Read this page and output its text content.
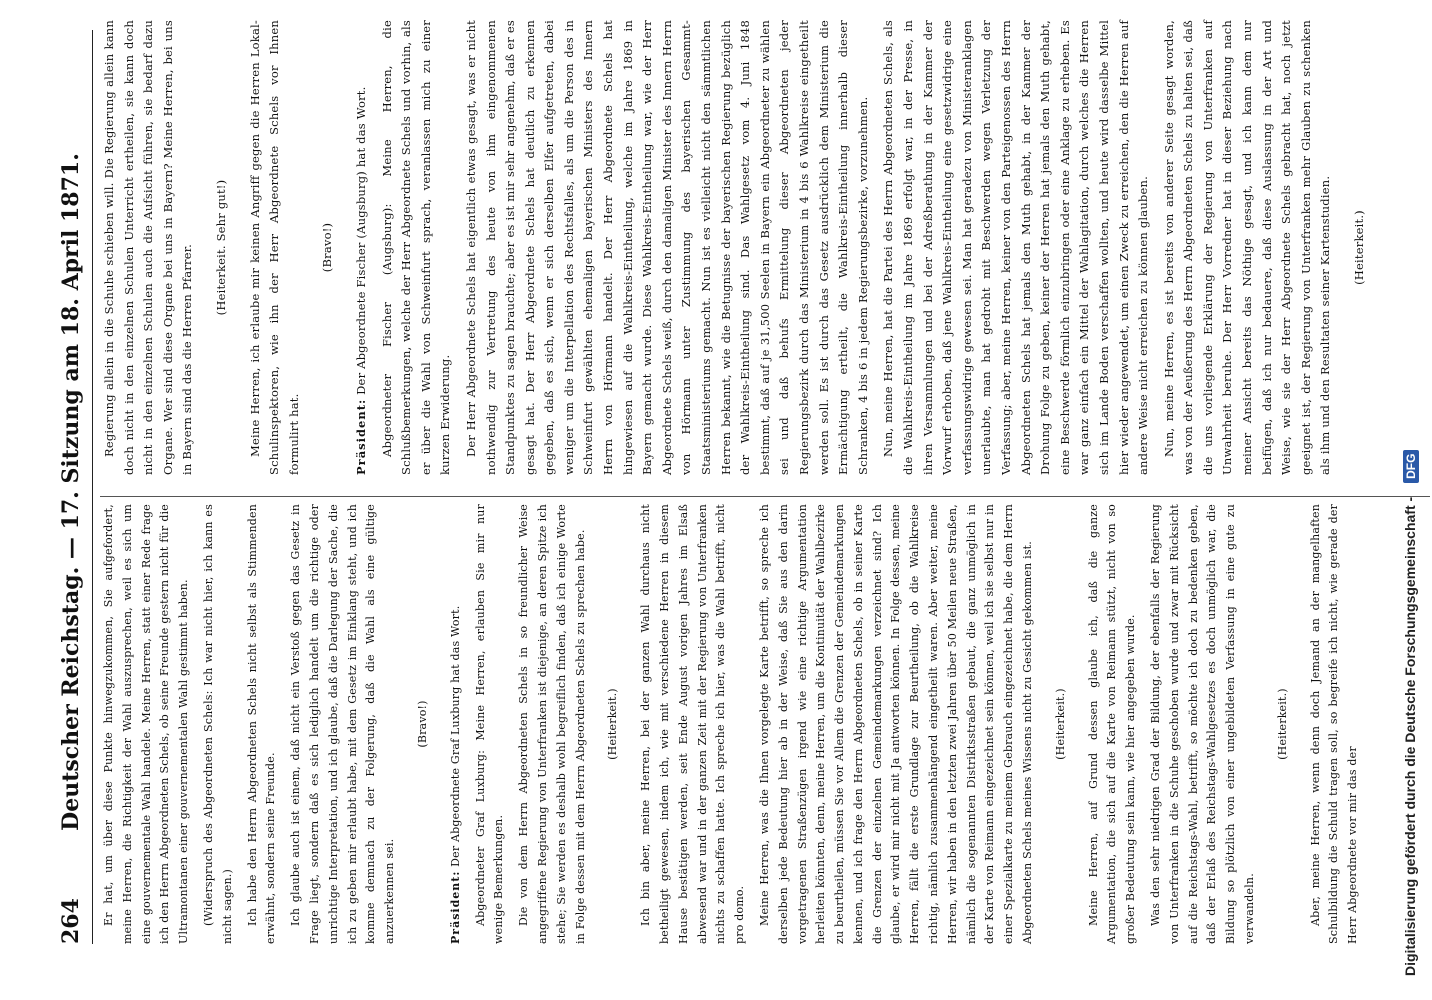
264
Deutscher Reichstag. — 17. Sitzung am 18. April 1871. Er hat, um über diese Punkte hinwegzukommen, Sie aufgefordert, meine Herren, die Richtigkeit der Wahl auszusprechen, weil es sich um eine gouvernementale Wahl handele. Meine Herren, statt einer Rede frage ich den Herrn Abgeordneten Schels, ob seine Freunde gestern nicht für die Ultramontanen einer gouvernementalen Wahl gestimmt haben.	(Widerspruch des Abgeordneten Schels: Ich war nicht hier, ich kann es nicht sagen.)	Ich habe den Herrn Abgeordneten Schels nicht selbst als Stimmenden erwähnt, sondern seine Freunde.	Ich glaube auch ist einem, daß nicht ein Verstoß gegen das Gesetz in Frage liegt, sondern daß es sich lediglich handelt um die richtige oder unrichtige Interpretation, und ich glaube, daß die Darlegung der Sache, die ich zu geben mir erlaubt habe, mit dem Gesetz im Einklang steht, und ich komme demnach zu der Folgerung, daß die Wahl als eine gültige anzuerkennen sei.

(Bravo!)

Präsident: Der Abgeordnete Graf Luxburg hat das Wort.	Abgeordneter Graf Luxburg: Meine Herren, erlauben Sie mir nur wenige Bemerkungen.	Die von dem Herrn Abgeordneten Schels in so freundlicher Weise angegriffene Regierung von Unterfranken ist diejenige, an deren Spitze ich stehe; Sie werden es deshalb wohl begreiflich finden, daß ich einige Worte in Folge dessen mit dem Herrn Abgeordneten Schels zu sprechen habe.	(Heiterkeit.)	Ich bin aber, meine Herren, bei der ganzen Wahl durchaus nicht betheiligt gewesen, indem ich, wie mit verschiedene Herren in diesem Hause bestätigen werden, seit Ende August vorigen Jahres im Elsaß abwesend war und in der ganzen Zeit mit der Regierung von Unterfranken nichts zu schaffen hatte. Ich spreche ich hier, was die Wahl betrifft, nicht pro domo.	Meine Herren, was die Ihnen vorgelegte Karte betrifft, so spreche ich derselben jede Bedeutung hier ab in der Weise, daß Sie aus den darin vorgetragenen Straßenzügen irgend wie eine richtige Argumentation herleiten könnten, denn, meine Herren, um die Kontinuität der Wahlbezirke zu beurtheilen, müssen Sie vor Allem die Grenzen der Gemeindemarkungen kennen, und ich frage den Herrn Abgeordneten Schels, ob in seiner Karte die Grenzen der einzelnen Gemeindemarkungen verzeichnet sind? Ich glaube, er wird mir nicht mit Ja antworten können. In Folge dessen, meine Herren, fällt die erste Grundlage zur Beurtheilung, ob die Wahlkreise richtig, nämlich zusammenhängend eingetheilt waren. Aber weiter, meine Herren, wir haben in den letzten zwei Jahren über 50 Meilen neue Straßen, nämlich die sogenannten Distriktsstraßen gebaut, die ganz unmöglich in der Karte von Reimann eingezeichnet sein können, weil ich sie selbst nur in einer Spezialkarte zu meinem Gebrauch eingezeichnet habe, die dem Herrn Abgeordneten Schels meines Wissens nicht zu Gesicht gekommen ist.	(Heiterkeit.)	Meine Herren, auf Grund dessen glaube ich, daß die ganze Argumentation, die sich auf die Karte von Reimann stützt, nicht von so großer Bedeutung sein kann, wie hier angegeben wurde.	Was den sehr niedrigen Grad der Bildung, der ebenfalls der Regierung von Unterfranken in die Schuhe geschoben wurde und zwar mit Rücksicht auf die Reichstags-Wahl, betrifft, so möchte ich doch zu bedenken geben, daß der Erlaß des Reichstags-Wahlgesetzes es doch unmöglich war, die Bildung so plötzlich von einer ungebildeten Verfassung in eine gute zu verwandeln.

(Heiterkeit.)	Aber, meine Herren, wenn denn doch Jemand an der mangelhaften Schulbildung die Schuld tragen soll, so begreife ich nicht, wie gerade der Herr Abgeordnete vor mir das der

Regierung allein in die Schuhe schieben will. Die Regierung allein kann doch nicht in den einzelnen Schulen Unterricht ertheilen, sie kann doch nicht in den einzelnen Schulen auch die Aufsicht führen, sie bedarf dazu Organe. Wer sind diese Organe bei uns in Bayern? Meine Herren, bei uns in Bayern sind das die Herren Pfarrer.	(Heiterkeit. Sehr gut!)	Meine Herren, ich erlaube mir keinen Angriff gegen die Herren Lokal-Schulinspektoren, wie ihn der Herr Abgeordnete Schels vor Ihnen formulirt hat.

(Bravo!)

Präsident: Der Abgeordnete Fischer (Augsburg) hat das Wort.	Abgeordneter Fischer (Augsburg): Meine Herren, die Schlußbemerkungen, welche der Herr Abgeordnete Schels und vorhin, als er über die Wahl von Schweinfurt sprach, veranlassen mich zu einer kurzen Erwiderung.	Der Herr Abgeordnete Schels hat eigentlich etwas gesagt, was er nicht nothwendig zur Vertretung des heute von ihm eingenommenen Standpunktes zu sagen brauchte; aber es ist mir sehr angenehm, daß er es gesagt hat. Der Herr Abgeordnete Schels hat deutlich zu erkennen gegeben, daß es sich, wenn er sich derselben Elfer aufgetreten, dabei weniger um die Interpellation des Rechtsfalles, als um die Person des in Schweinfurt gewählten ehemaligen bayerischen Ministers des Innern Herrn von Hörmann handelt. Der Herr Abgeordnete Schels hat hingewiesen auf die Wahlkreis-Eintheilung, welche im Jahre 1869 in Bayern gemacht wurde. Diese Wahlkreis-Eintheilung war, wie der Herr Abgeordnete Schels weiß, durch den damaligen Minister des Innern Herrn von Hörmann unter Zustimmung des bayerischen Gesammt-Staatsministeriums gemacht. Nun ist es vielleicht nicht den sämmtlichen Herren bekannt, wie die Betugnisse der bayerischen Regierung bezüglich der Wahlkreis-Eintheilung sind. Das Wahlgesetz vom 4. Juni 1848 bestimmt, daß auf je 31,500 Seelen in Bayern ein Abgeordneter zu wählen sei und daß behufs Ermittelung dieser Abgeordneten jeder Regierungsbezirk durch das Ministerium in 4 bis 6 Wahlkreise eingetheilt werden soll. Es ist durch das Gesetz ausdrücklich dem Ministerium die Ermächtigung ertheilt, die Wahlkreis-Eintheilung innerhalb dieser Schranken, 4 bis 6 in jedem Regierungsbezirke, vorzunehmen.	Nun, meine Herren, hat die Partei des Herrn Abgeordneten Schels, als die Wahlkreis-Eintheilung im Jahre 1869 erfolgt war, in der Presse, in ihren Versammlungen und bei der Adreßberathung in der Kammer der Vorwurf erhoben, daß jene Wahlkreis-Eintheilung eine gesetzwidrige eine verfassungswidrige gewesen sei. Man hat geradezu von Ministeranklagen unerlaubte, man hat gedroht mit Beschwerden wegen Verletzung der Verfassung; aber, meine Herren, keiner von den Parteigenossen des Herrn Abgeordneten Schels hat jemals den Muth gehabt, in der Kammer der Drohung Folge zu geben, keiner der Herren hat jemals den Muth gehabt, eine Beschwerde förmlich einzubringen oder eine Anklage zu erheben. Es war ganz einfach ein Mittel der Wahlagitation, durch welches die Herren sich im Lande Boden verschaffen wollten, und heute wird dasselbe Mittel hier wieder angewendet, um einen Zweck zu erreichen, den die Herren auf andere Weise nicht erreichen zu können glauben.	Nun, meine Herren, es ist bereits von anderer Seite gesagt worden, was von der Aeußerung des Herrn Abgeordneten Schels zu halten sei, daß die uns vorliegende Erklärung der Regierung von Unterfranken auf Unwahrheit beruhe. Der Herr Vorredner hat in dieser Beziehung nach meiner Ansicht bereits das Nöthige gesagt, und ich kann dem nur beifügen, daß ich nur bedauere, daß diese Auslassung in der Art und Weise, wie sie der Herr Abgeordnete Schels gebracht hat, noch jetzt geeignet ist, der Regierung von Unterfranken mehr Glauben zu schenken als ihm und den Resultaten seiner Kartenstudien.	(Heiterkeit.)

Digitalisierung gefördert durch die Deutsche Forschungsgemeinschaft - DFG
